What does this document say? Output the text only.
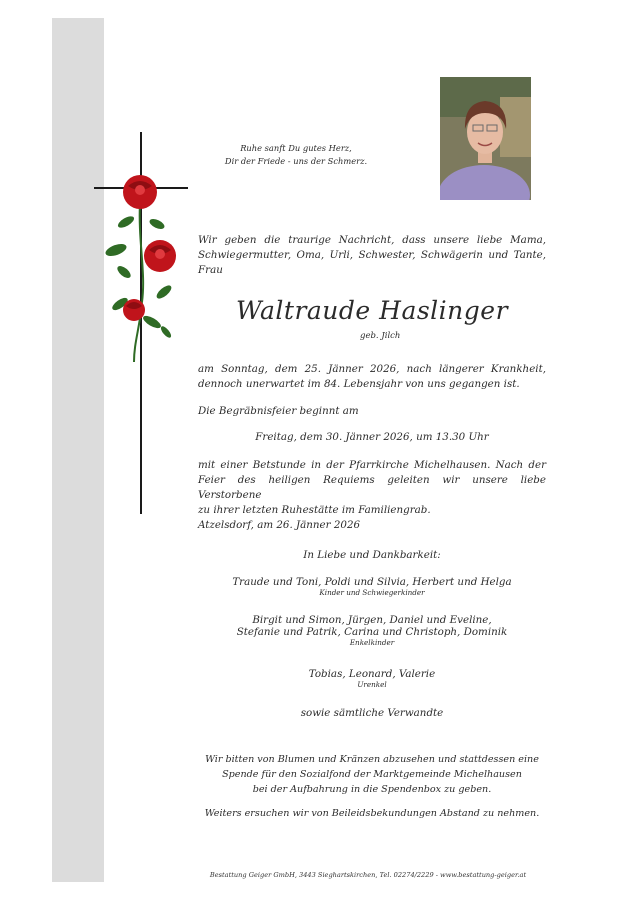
Ruhe sanft Du gutes Herz,
Dir der Friede - uns der Schmerz.
Wir geben die traurige Nachricht, dass unsere liebe Mama,
Schwiegermutter, Oma, Urli, Schwester, Schwägerin und Tante,
Frau
Waltraude Haslinger
geb. Jilch
am Sonntag, dem 25. Jänner 2026, nach längerer Krankheit,
dennoch unerwartet im 84. Lebensjahr von uns gegangen ist.
Die Begräbnisfeier beginnt am
Freitag, dem 30. Jänner 2026, um 13.30 Uhr
mit einer Betstunde in der Pfarrkirche Michelhausen. Nach der
Feier des heiligen Requiems geleiten wir unsere liebe Verstorbene
zu ihrer letzten Ruhestätte im Familiengrab.
Atzelsdorf, am 26. Jänner 2026
In Liebe und Dankbarkeit:
Traude und Toni, Poldi und Silvia, Herbert und Helga
Kinder und Schwiegerkinder
Birgit und Simon, Jürgen, Daniel und Eveline,
Stefanie und Patrik, Carina und Christoph, Dominik
Enkelkinder
Tobias, Leonard, Valerie
Urenkel
sowie sämtliche Verwandte
Wir bitten von Blumen und Kränzen abzusehen und stattdessen eine
Spende für den Sozialfond der Marktgemeinde Michelhausen
bei der Aufbahrung in die Spendenbox zu geben.
Weiters ersuchen wir von Beileidsbekundungen Abstand zu nehmen.
Bestattung Geiger GmbH, 3443 Sieghartskirchen, Tel. 02274/2229 - www.bestattung-geiger.at
